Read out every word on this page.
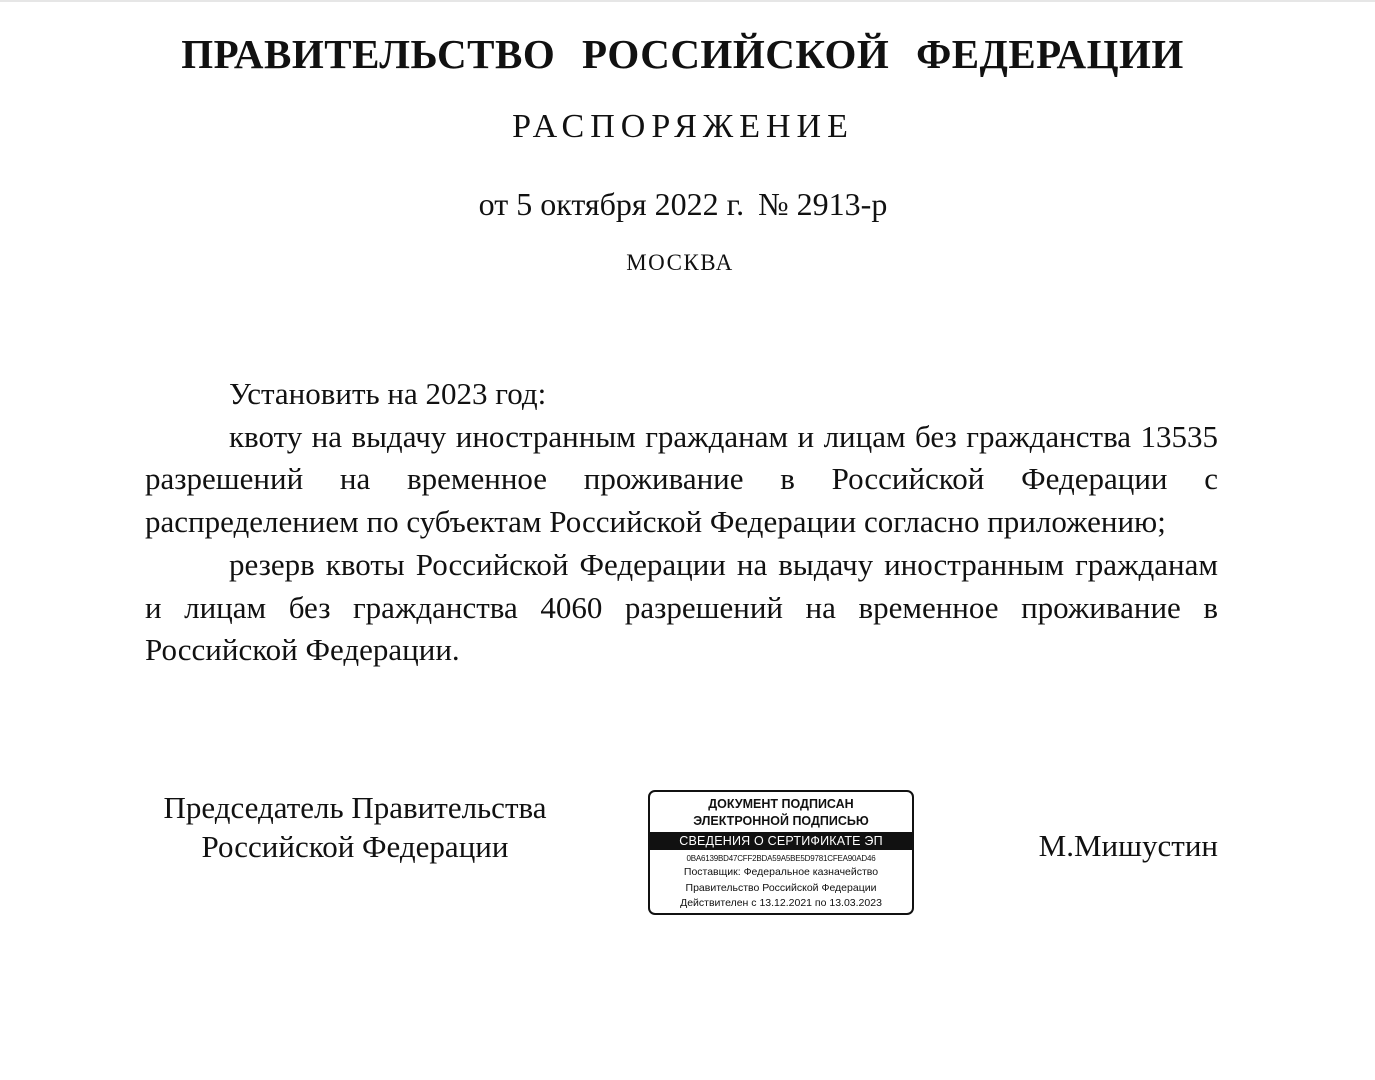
ПРАВИТЕЛЬСТВО РОССИЙСКОЙ ФЕДЕРАЦИИ
РАСПОРЯЖЕНИЕ
от 5 октября 2022 г. № 2913-р
МОСКВА

Установить на 2023 год:

квоту на выдачу иностранным гражданам и лицам без гражданства 13535 разрешений на временное проживание в Российской Федерации с распределением по субъектам Российской Федерации согласно приложению;

резерв квоты Российской Федерации на выдачу иностранным гражданам и лицам без гражданства 4060 разрешений на временное проживание в Российской Федерации.

Председатель Правительства
Российской Федерации
ДОКУМЕНТ ПОДПИСАН
ЭЛЕКТРОННОЙ ПОДПИСЬЮ
СВЕДЕНИЯ О СЕРТИФИКАТЕ ЭП
0BA6139BD47CFF2BDA59A5BE5D9781CFEA90AD46
Поставщик: Федеральное казначейство
Правительство Российской Федерации
Действителен с 13.12.2021 по 13.03.2023
М.Мишустин
